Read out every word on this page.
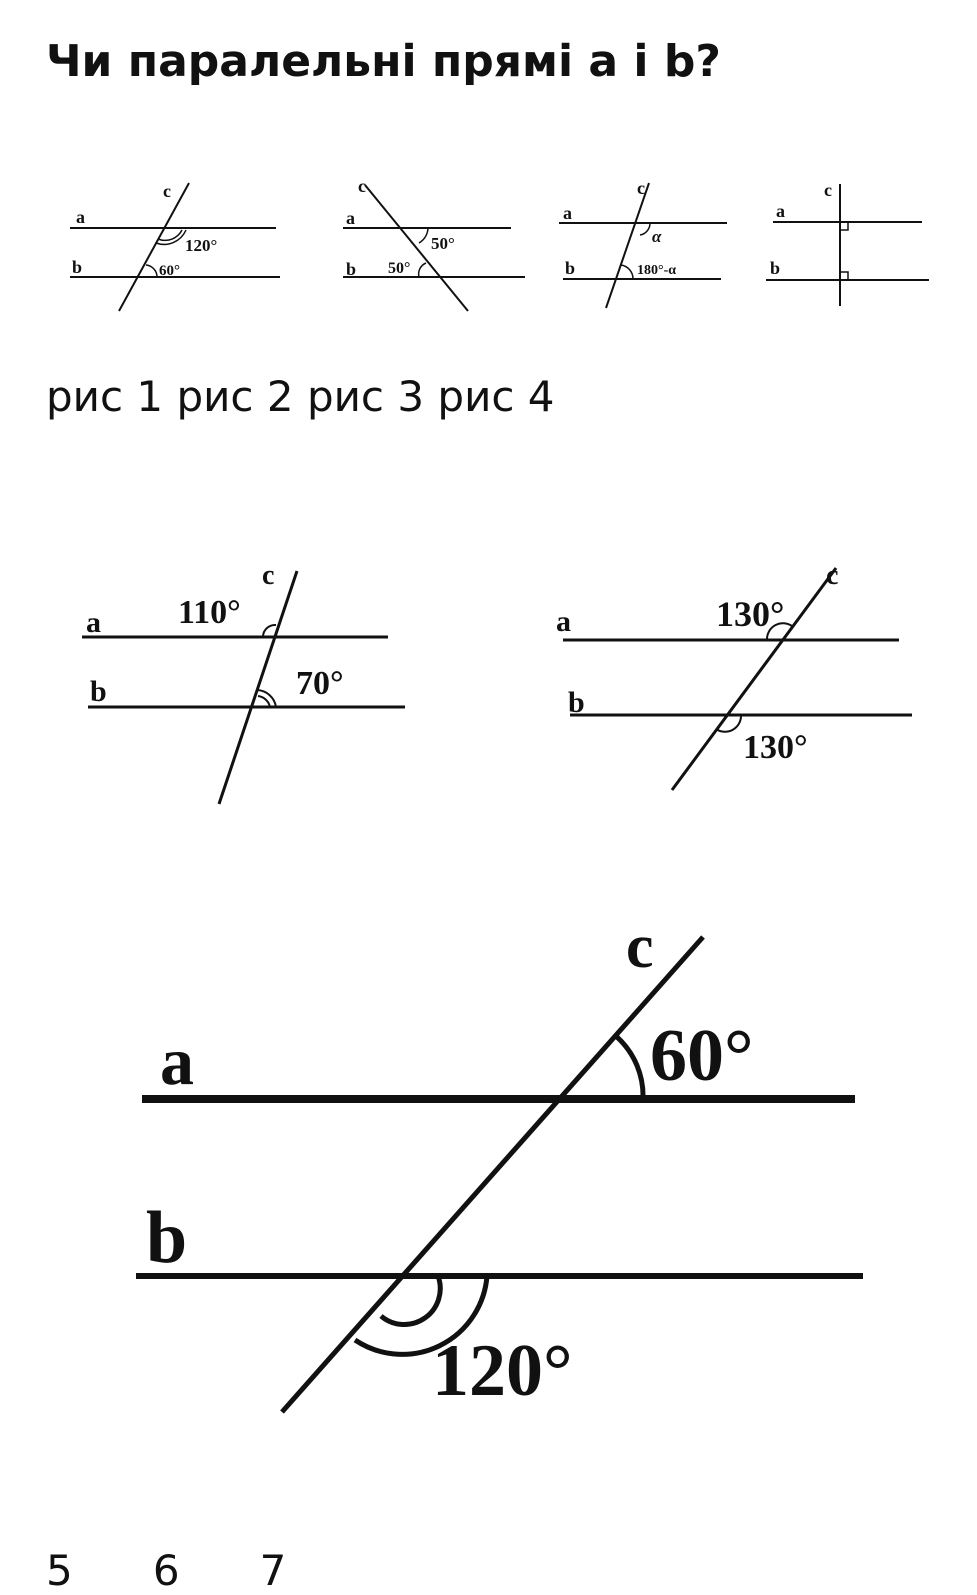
Чи паралельні прямі а і b?
a
b
c
120°
60°
a
b
c
50°
50°
a
b
c
α
180°-α
a
b
c
a
b
c
110°
70°
a
b
c
130°
130°
a
b
c
60°
120°
рис 1 рис 2 рис 3 рис 4
5      6      7
